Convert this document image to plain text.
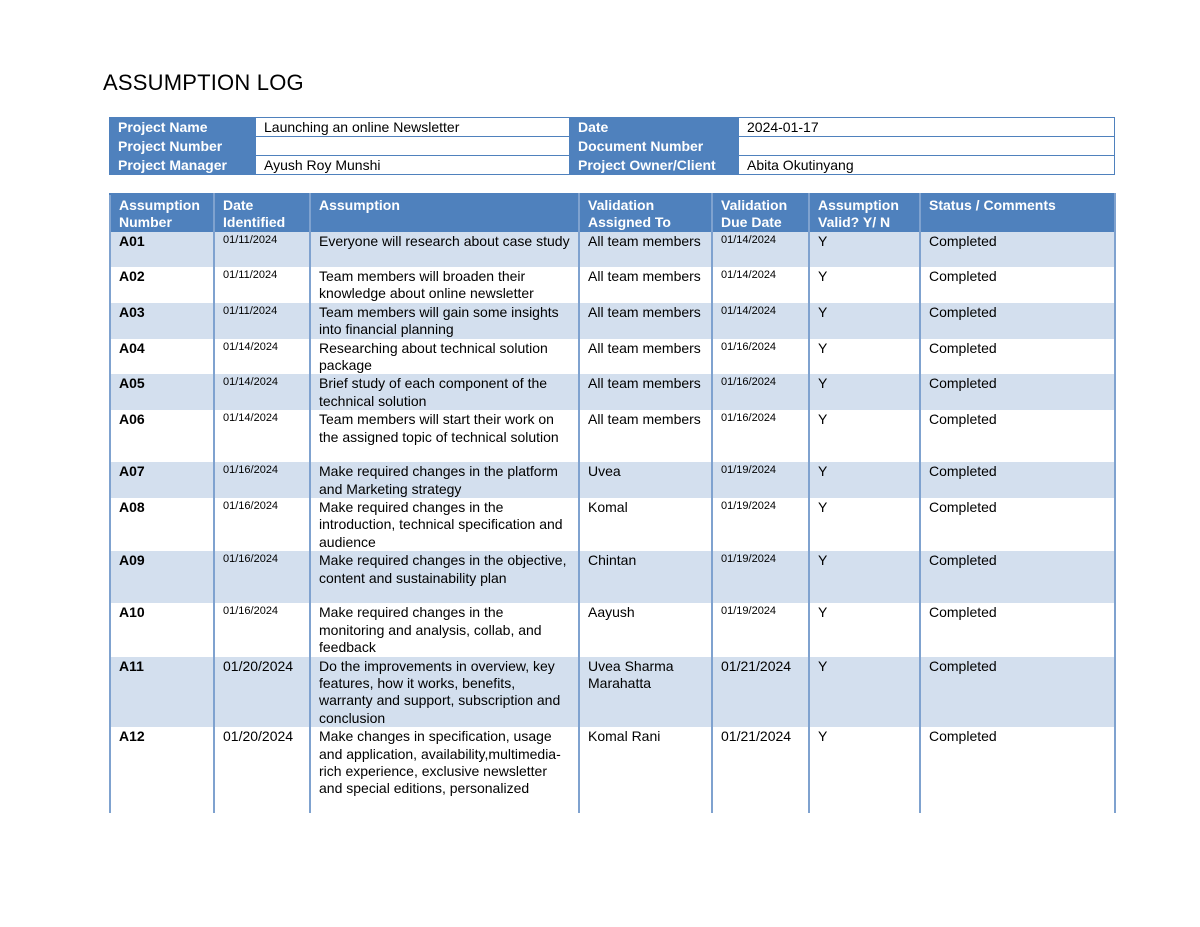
ASSUMPTION LOG
Project Name	Launching an online Newsletter	Date	2024-01-17
Project Number		Document Number	
Project Manager	Ayush Roy Munshi	Project Owner/Client	Abita Okutinyang
Assumption Number	Date Identified	Assumption	Validation Assigned To	Validation Due Date	Assumption Valid? Y/ N	Status / Comments
A01	01/11/2024	Everyone will research about case study	All team members	01/14/2024	Y	Completed
A02	01/11/2024	Team members will broaden their knowledge about online newsletter	All team members	01/14/2024	Y	Completed
A03	01/11/2024	Team members will gain some insights into financial planning	All team members	01/14/2024	Y	Completed
A04	01/14/2024	Researching about technical solution package	All team members	01/16/2024	Y	Completed
A05	01/14/2024	Brief study of each component of the technical solution	All team members	01/16/2024	Y	Completed
A06	01/14/2024	Team members will start their work on the assigned topic of technical solution	All team members	01/16/2024	Y	Completed
A07	01/16/2024	Make required changes in the platform and Marketing strategy	Uvea	01/19/2024	Y	Completed
A08	01/16/2024	Make required changes in the introduction, technical specification and audience	Komal	01/19/2024	Y	Completed
A09	01/16/2024	Make required changes in the objective, content and sustainability plan	Chintan	01/19/2024	Y	Completed
A10	01/16/2024	Make required changes in the monitoring and analysis, collab, and feedback	Aayush	01/19/2024	Y	Completed
A11	01/20/2024	Do the improvements in overview, key features, how it works, benefits, warranty and support, subscription and conclusion	Uvea Sharma Marahatta	01/21/2024	Y	Completed
A12	01/20/2024	Make changes in specification, usage and application, availability,multimedia-rich experience, exclusive newsletter and special editions, personalized	Komal Rani	01/21/2024	Y	Completed
